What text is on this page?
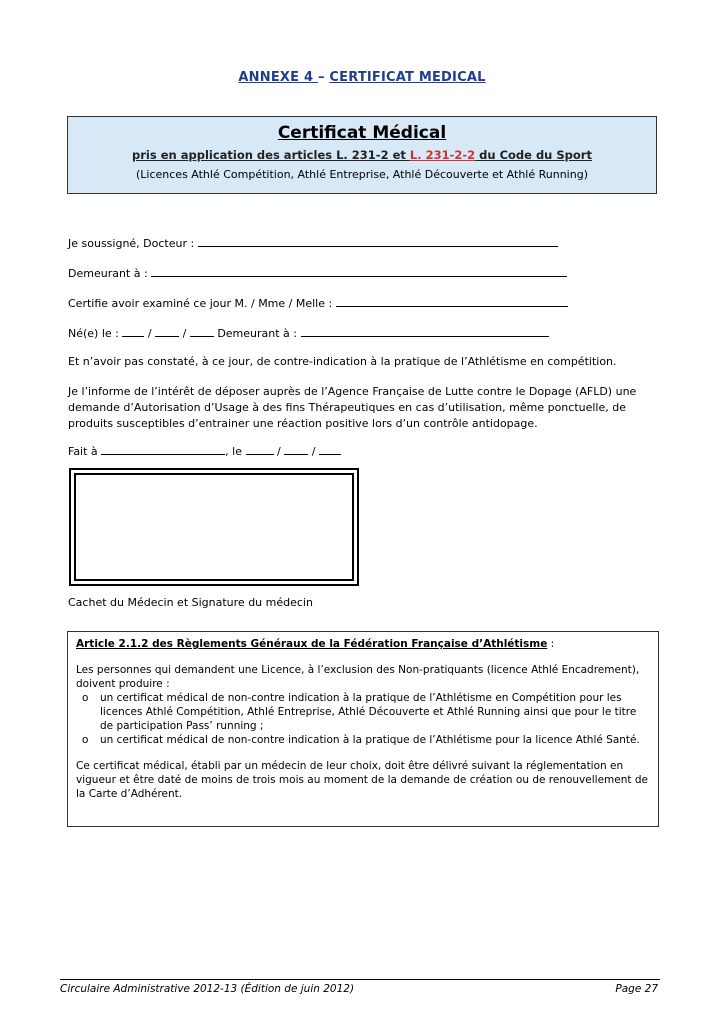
ANNEXE 4 – CERTIFICAT MEDICAL
Certificat Médical
pris en application des articles L. 231-2 et L. 231-2-2 du Code du Sport
(Licences Athlé Compétition, Athlé Entreprise, Athlé Découverte et Athlé Running)
Je soussigné, Docteur :
Demeurant à :
Certifie avoir examiné ce jour M. / Mme / Melle :
Né(e) le :	/	/	Demeurant à :
Et n’avoir pas constaté, à ce jour, de contre-indication à la pratique de l’Athlétisme en compétition.
Je l’informe de l’intérêt de déposer auprès de l’Agence Française de Lutte contre le Dopage (AFLD) une demande d’Autorisation d’Usage à des fins Thérapeutiques en cas d’utilisation, même ponctuelle, de produits susceptibles d’entrainer une réaction positive lors d’un contrôle antidopage.
Fait à	, le	/	/
Cachet du Médecin et Signature du médecin

Article 2.1.2 des Règlements Généraux de la Fédération Française d’Athlétisme :

Les personnes qui demandent une Licence, à l’exclusion des Non-pratiquants (licence Athlé Encadrement), doivent produire :

o un certificat médical de non-contre indication à la pratique de l’Athlétisme en Compétition pour les licences Athlé Compétition, Athlé Entreprise, Athlé Découverte et Athlé Running ainsi que pour le titre de participation Pass’ running ;
o un certificat médical de non-contre indication à la pratique de l’Athlétisme pour la licence Athlé Santé.

Ce certificat médical, établi par un médecin de leur choix, doit être délivré suivant la réglementation en vigueur et être daté de moins de trois mois au moment de la demande de création ou de renouvellement de la Carte d’Adhérent.

Circulaire Administrative 2012-13 (Édition de juin 2012)	Page 27
